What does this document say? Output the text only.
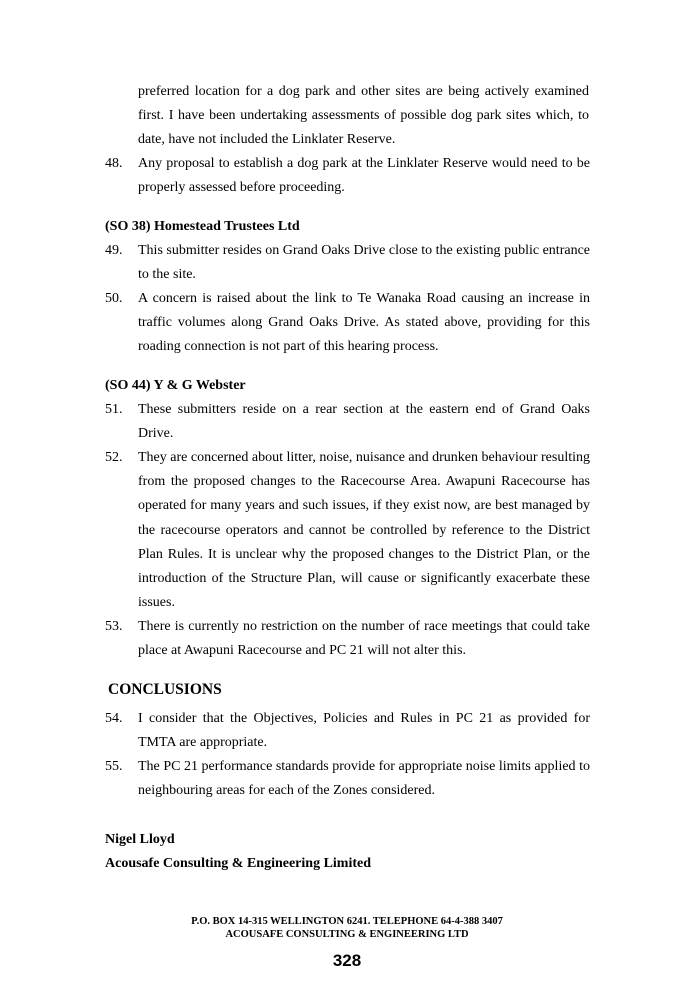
preferred location for a dog park and other sites are being actively examined first. I have been undertaking assessments of possible dog park sites which, to date, have not included the Linklater Reserve.
48.	Any proposal to establish a dog park at the Linklater Reserve would need to be properly assessed before proceeding.
(SO 38) Homestead Trustees Ltd
49.	This submitter resides on Grand Oaks Drive close to the existing public entrance to the site.
50.	A concern is raised about the link to Te Wanaka Road causing an increase in traffic volumes along Grand Oaks Drive. As stated above, providing for this roading connection is not part of this hearing process.
(SO 44) Y & G Webster
51.	These submitters reside on a rear section at the eastern end of Grand Oaks Drive.
52.	They are concerned about litter, noise, nuisance and drunken behaviour resulting from the proposed changes to the Racecourse Area. Awapuni Racecourse has operated for many years and such issues, if they exist now, are best managed by the racecourse operators and cannot be controlled by reference to the District Plan Rules. It is unclear why the proposed changes to the District Plan, or the introduction of the Structure Plan, will cause or significantly exacerbate these issues.
53.	There is currently no restriction on the number of race meetings that could take place at Awapuni Racecourse and PC 21 will not alter this.
CONCLUSIONS
54.	I consider that the Objectives, Policies and Rules in PC 21 as provided for TMTA are appropriate.
55.	The PC 21 performance standards provide for appropriate noise limits applied to neighbouring areas for each of the Zones considered.
Nigel Lloyd
Acousafe Consulting & Engineering Limited
P.O. BOX 14-315 WELLINGTON 6241. TELEPHONE 64-4-388 3407
ACOUSAFE CONSULTING & ENGINEERING LTD
328
